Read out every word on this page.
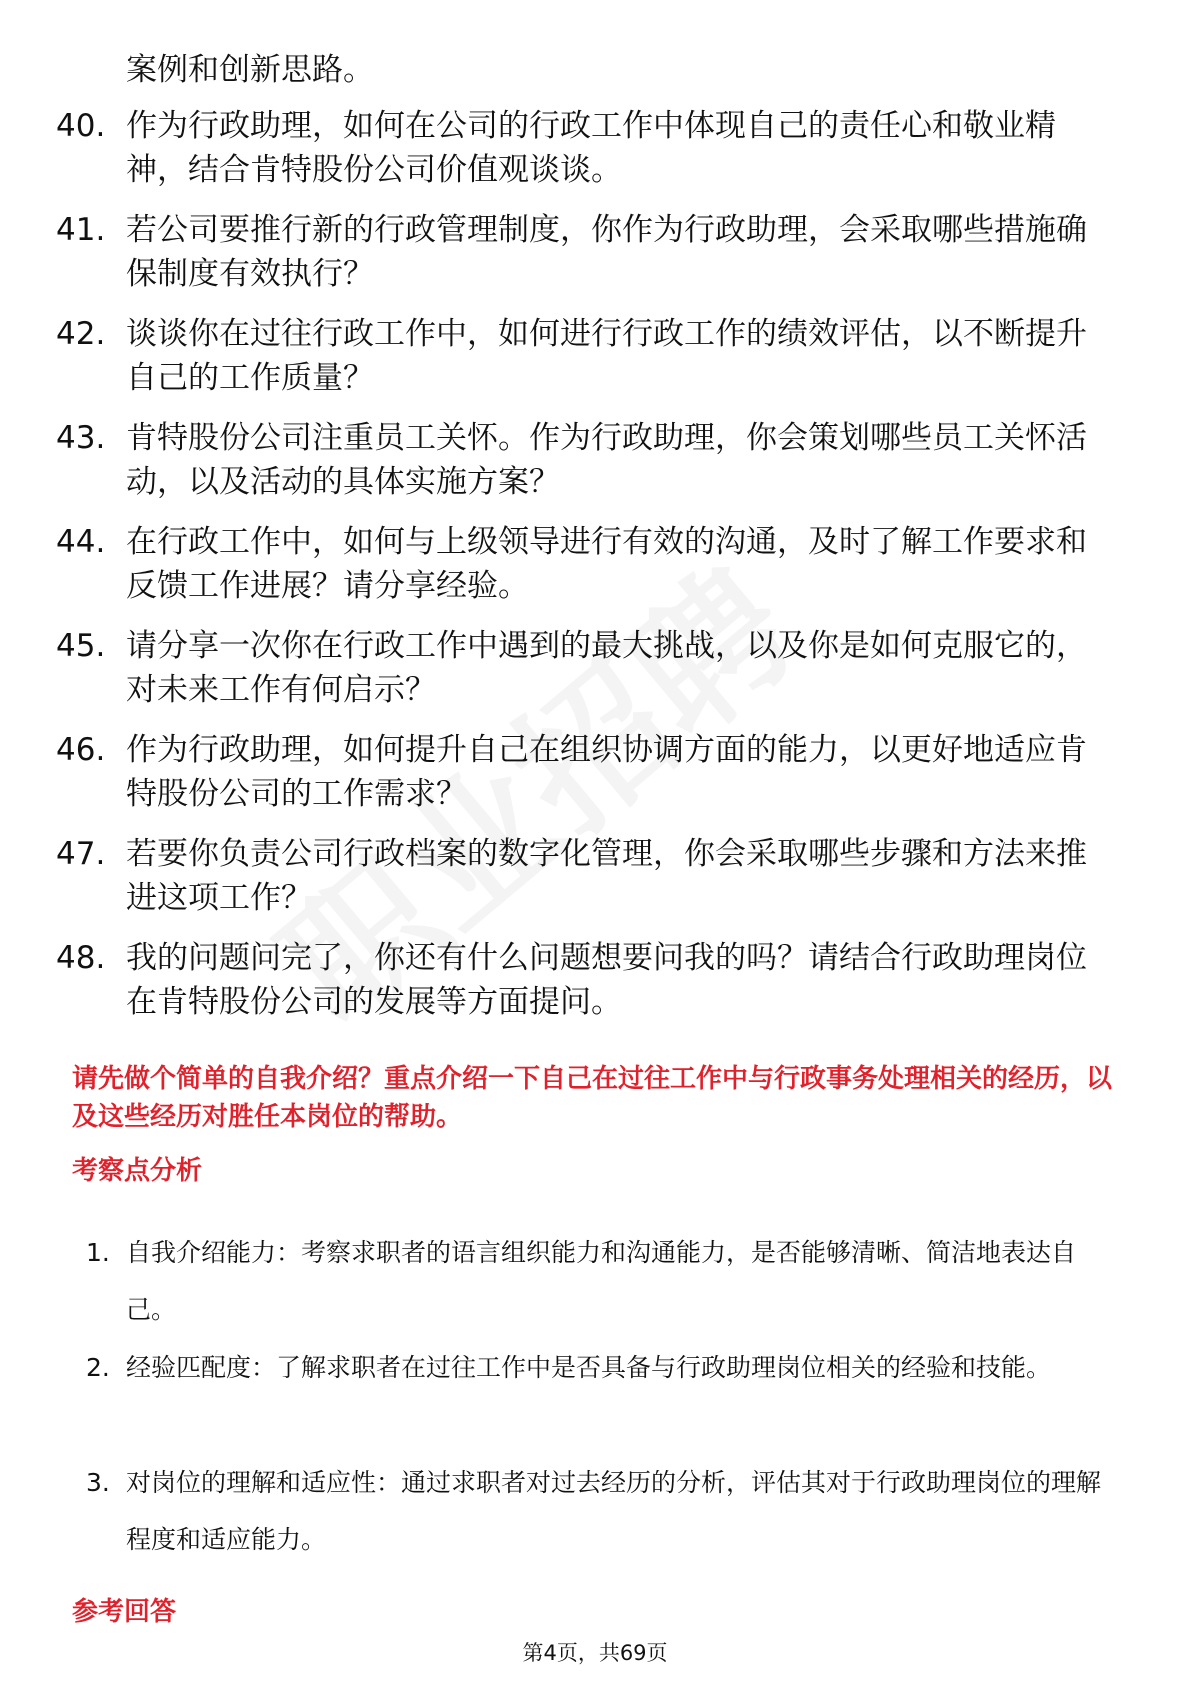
案例和创新思路。

40. 作为行政助理，如何在公司的行政工作中体现自己的责任心和敬业精神，结合肯特股份公司价值观谈谈。

41. 若公司要推行新的行政管理制度，你作为行政助理，会采取哪些措施确保制度有效执行？

42. 谈谈你在过往行政工作中，如何进行行政工作的绩效评估，以不断提升自己的工作质量？

43. 肯特股份公司注重员工关怀。作为行政助理，你会策划哪些员工关怀活动，以及活动的具体实施方案？

44. 在行政工作中，如何与上级领导进行有效的沟通，及时了解工作要求和反馈工作进展？请分享经验。

45. 请分享一次你在行政工作中遇到的最大挑战，以及你是如何克服它的，对未来工作有何启示？

46. 作为行政助理，如何提升自己在组织协调方面的能力，以更好地适应肯特股份公司的工作需求？

47. 若要你负责公司行政档案的数字化管理，你会采取哪些步骤和方法来推进这项工作？

48. 我的问题问完了，你还有什么问题想要问我的吗？请结合行政助理岗位在肯特股份公司的发展等方面提问。

请先做个简单的自我介绍？重点介绍一下自己在过往工作中与行政事务处理相关的经历，以及这些经历对胜任本岗位的帮助。

考察点分析
1. 自我介绍能力：考察求职者的语言组织能力和沟通能力，是否能够清晰、简洁地表达自己。

2. 经验匹配度：了解求职者在过往工作中是否具备与行政助理岗位相关的经验和技能。

3. 对岗位的理解和适应性：通过求职者对过去经历的分析，评估其对于行政助理岗位的理解程度和适应能力。

参考回答
第4页，共69页
